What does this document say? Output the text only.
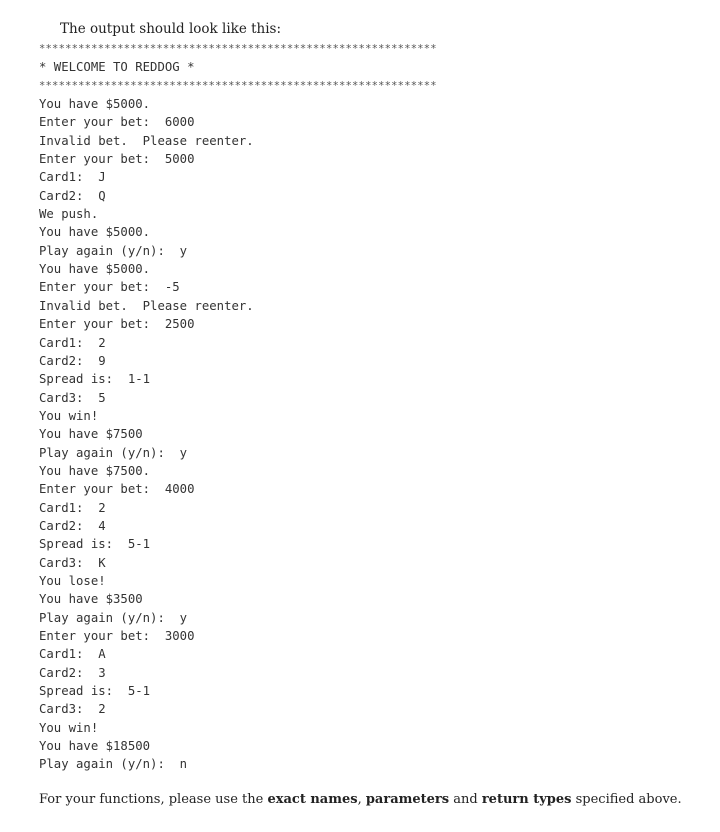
The output should look like this:

*************************************************************
* WELCOME TO REDDOG *
*************************************************************
You have $5000.
Enter your bet:  6000
Invalid bet.  Please reenter.
Enter your bet:  5000
Card1:  J
Card2:  Q
We push.
You have $5000.
Play again (y/n):  y
You have $5000.
Enter your bet:  -5
Invalid bet.  Please reenter.
Enter your bet:  2500
Card1:  2
Card2:  9
Spread is:  1-1
Card3:  5
You win!
You have $7500
Play again (y/n):  y
You have $7500.
Enter your bet:  4000
Card1:  2
Card2:  4
Spread is:  5-1
Card3:  K
You lose!
You have $3500
Play again (y/n):  y
Enter your bet:  3000
Card1:  A
Card2:  3
Spread is:  5-1
Card3:  2
You win!
You have $18500
Play again (y/n):  n

For your functions, please use the exact names, parameters and return types specified above.
